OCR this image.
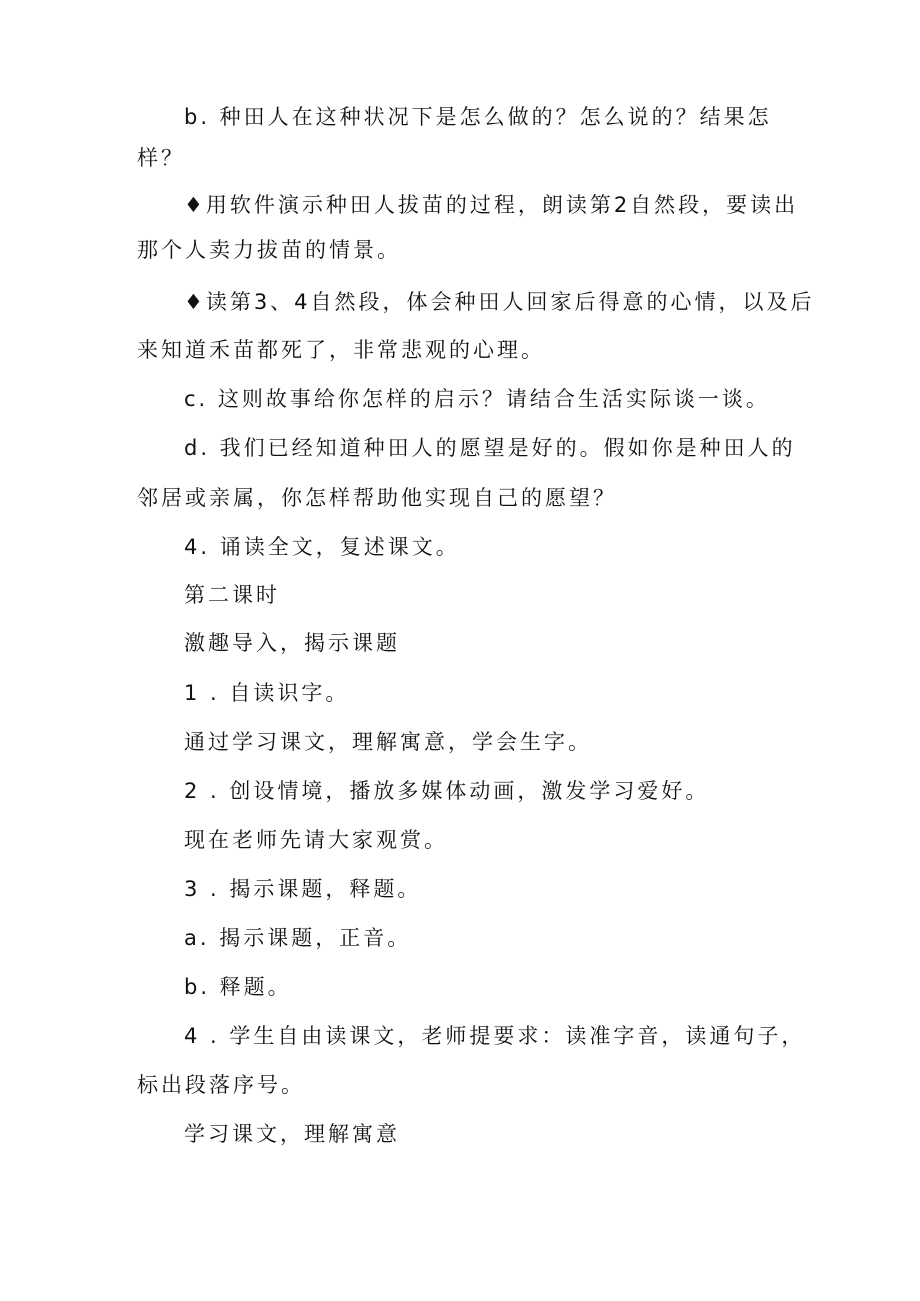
b. 种田人在这种状况下是怎么做的？怎么说的？结果怎
样？
♦用软件演示种田人拔苗的过程，朗读第2自然段，要读出
那个人卖力拔苗的情景。
♦读第3、4自然段，体会种田人回家后得意的心情，以及后
来知道禾苗都死了，非常悲观的心理。
c. 这则故事给你怎样的启示？请结合生活实际谈一谈。
d. 我们已经知道种田人的愿望是好的。假如你是种田人的
邻居或亲属，你怎样帮助他实现自己的愿望？
4. 诵读全文，复述课文。
第二课时
激趣导入，揭示课题
1 . 自读识字。
通过学习课文，理解寓意，学会生字。
2 . 创设情境，播放多媒体动画，激发学习爱好。
现在老师先请大家观赏。
3 . 揭示课题，释题。
a. 揭示课题，正音。
b. 释题。
4 . 学生自由读课文，老师提要求：读准字音，读通句子，
标出段落序号。
学习课文，理解寓意
